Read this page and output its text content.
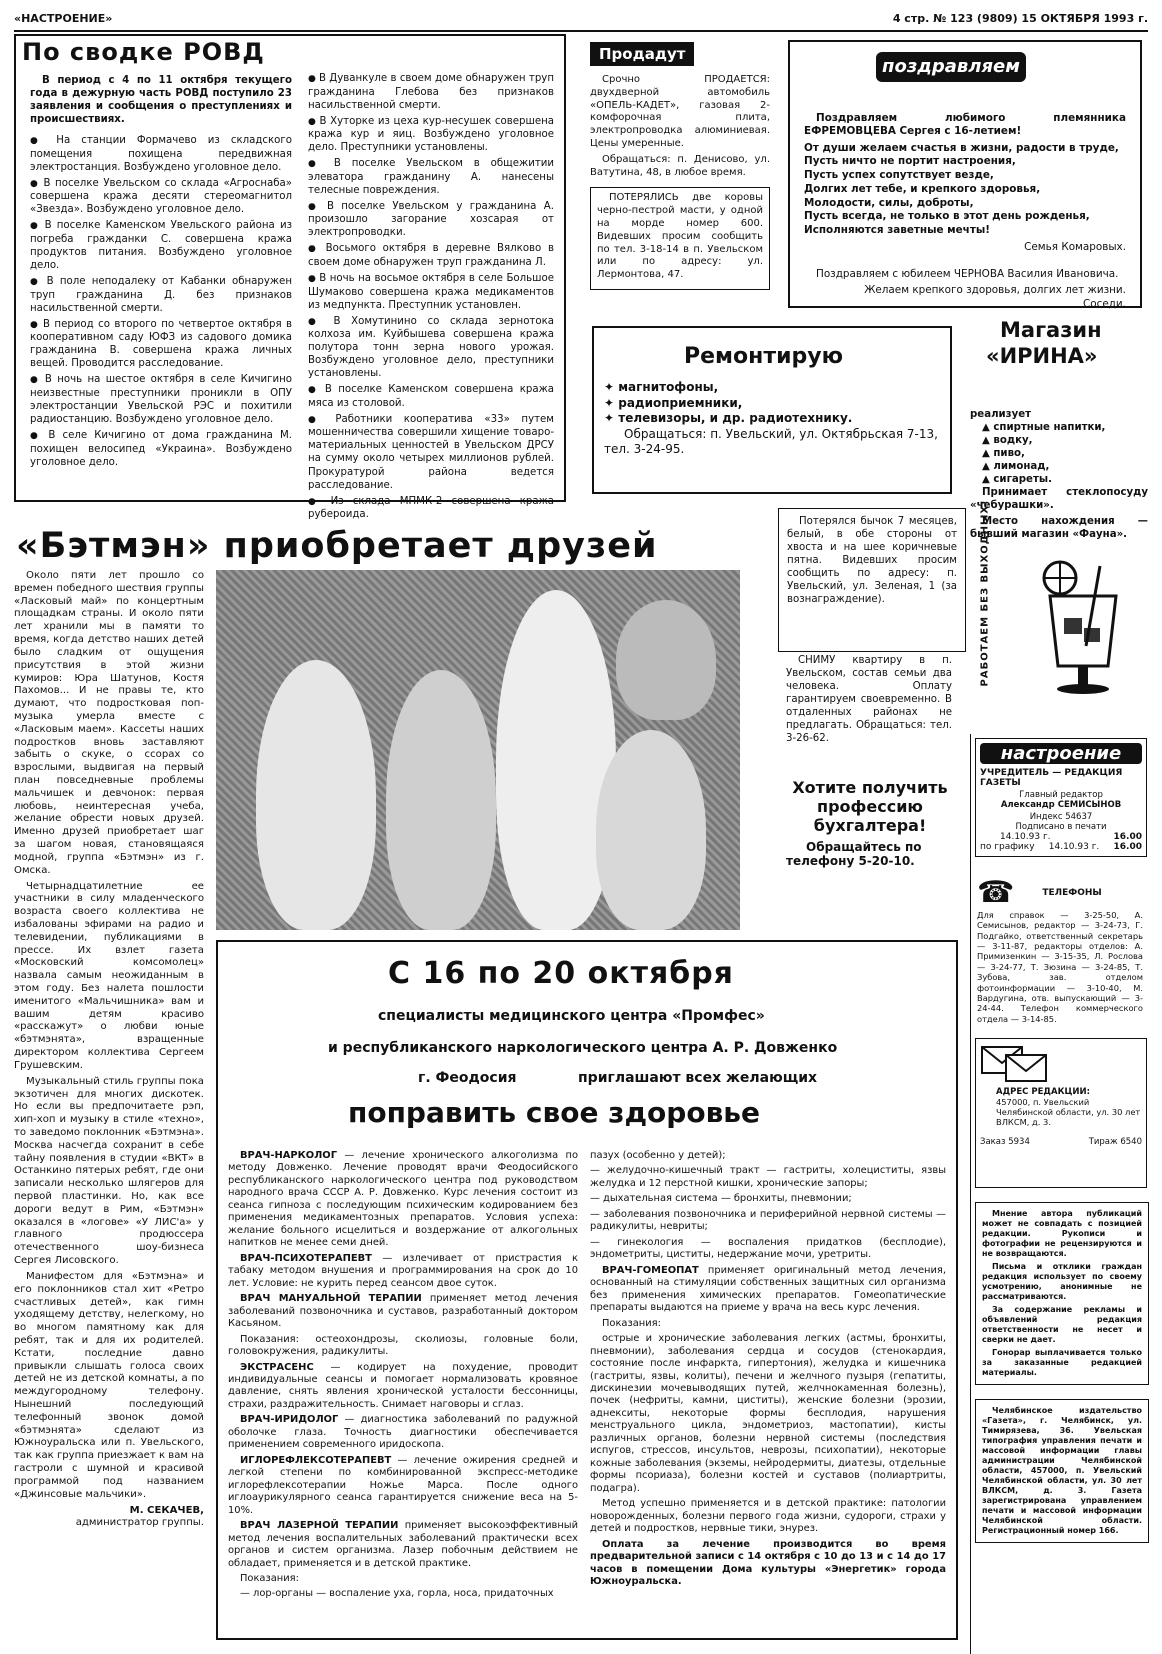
«НАСТРОЕНИЕ»	4 стр. № 123 (9809) 15 ОКТЯБРЯ 1993 г.
По сводке РОВД

В период с 4 по 11 октября текущего года в дежурную часть РОВД поступило 23 заявления и сообщения о преступлениях и происшествиях.

● На станции Формачево из складского помещения похищена передвижная электростанция. Возбуждено уголовное дело.

● В поселке Увельском со склада «Агроснаба» совершена кража десяти стереомагнитол «Звезда». Возбуждено уголовное дело.

● В поселке Каменском Увельского района из погреба гражданки С. совершена кража продуктов питания. Возбуждено уголовное дело.

● В поле неподалеку от Кабанки обнаружен труп гражданина Д. без признаков насильственной смерти.

● В период со второго по четвертое октября в кооперативном саду ЮФЗ из садового домика гражданина В. совершена кража личных вещей. Проводится расследование.

● В ночь на шестое октября в селе Кичигино неизвестные преступники проникли в ОПУ электростанции Увельской РЭС и похитили радиостанцию. Возбуждено уголовное дело.

● В селе Кичигино от дома гражданина М. похищен велосипед «Украина». Возбуждено уголовное дело.

● В Дуванкуле в своем доме обнаружен труп гражданина Глебова без признаков насильственной смерти.

● В Хуторке из цеха кур-несушек совершена кража кур и яиц. Возбуждено уголовное дело. Преступники установлены.

● В поселке Увельском в общежитии элеватора гражданину А. нанесены телесные повреждения.

● В поселке Увельском у гражданина А. произошло загорание хозсарая от электропроводки.

● Восьмого октября в деревне Вялково в своем доме обнаружен труп гражданина Л.

● В ночь на восьмое октября в селе Большое Шумаково совершена кража медикаментов из медпункта. Преступник установлен.

● В Хомутинино со склада зернотока колхоза им. Куйбышева совершена кража полутора тонн зерна нового урожая. Возбуждено уголовное дело, преступники установлены.

● В поселке Каменском совершена кража мяса из столовой.

● Работники кооператива «33» путем мошенничества совершили хищение товаро-материальных ценностей в Увельском ДРСУ на сумму около четырех миллионов рублей. Прокуратурой района ведется расследование.

● Из склада МПМК-2 совершена кража рубероида.

Продадут

Срочно ПРОДАЕТСЯ: двухдверной автомобиль «ОПЕЛЬ-КАДЕТ», газовая 2-комфорочная плита, электропроводка алюминиевая. Цены умеренные.

Обращаться: п. Денисово, ул. Ватутина, 48, в любое время.

ПОТЕРЯЛИСЬ две коровы черно-пестрой масти, у одной на морде номер 600. Видевших просим сообщить по тел. 3-18-14 в п. Увельском или по адресу: ул. Лермонтова, 47.

поздравляем

Поздравляем любимого племянника ЕФРЕМОВЦЕВА Сергея с 16-летием!

От души желаем счастья в жизни, радости в труде,
Пусть ничто не портит настроения,
Пусть успех сопутствует везде,
Долгих лет тебе, и крепкого здоровья,
Молодости, силы, доброты,
Пусть всегда, не только в этот день рожденья,
Исполняются заветные мечты!
Семья Комаровых.

Поздравляем с юбилеем ЧЕРНОВА Василия Ивановича.

Желаем крепкого здоровья, долгих лет жизни.
Соседи.
Ремонтирую
✦ магнитофоны,
✦ радиоприемники,
✦ телевизоры, и др. радиотехнику.
Обращаться: п. Увельский, ул. Октябрьская 7-13, тел. 3-24-95.
Магазин
«ИРИНА»
реализует
▲ спиртные напитки,
▲ водку,
▲ пиво,
▲ лимонад,
▲ сигареты.

Принимает стеклопосуду «чебурашки».

Место нахождения — бывший магазин «Фауна».

РАБОТАЕМ БЕЗ ВЫХОДНЫХ!
«Бэтмэн» приобретает друзей

Около пяти лет прошло со времен победного шествия группы «Ласковый май» по концертным площадкам страны. И около пяти лет хранили мы в памяти то время, когда детство наших детей было сладким от ощущения присутствия в этой жизни кумиров: Юра Шатунов, Костя Пахомов... И не правы те, кто думают, что подростковая поп-музыка умерла вместе с «Ласковым маем». Кассеты наших подростков вновь заставляют забыть о скуке, о ссорах со взрослыми, выдвигая на первый план повседневные проблемы мальчишек и девчонок: первая любовь, неинтересная учеба, желание обрести новых друзей. Именно друзей приобретает шаг за шагом новая, становящаяся модной, группа «Бэтмэн» из г. Омска.

Четырнадцатилетние ее участники в силу младенческого возраста своего коллектива не избалованы эфирами на радио и телевидении, публикациями в прессе. Их взлет газета «Московский комсомолец» назвала самым неожиданным в этом году. Без налета пошлости именитого «Мальчишника» вам и вашим детям красиво «расскажут» о любви юные «бэтмэнята», взращенные директором коллектива Сергеем Грушевским.

Музыкальный стиль группы пока экзотичен для многих дискотек. Но если вы предпочитаете рэп, хип-хоп и музыку в стиле «техно», то заведомо поклонник «Бэтмэна». Москва насчегда сохранит в себе тайну появления в студии «ВКТ» в Останкино пятерых ребят, где они записали несколько шлягеров для первой пластинки. Но, как все дороги ведут в Рим, «Бэтмэн» оказался в «логове» «У ЛИС'а» у главного продюссера отечественного шоу-бизнеса Сергея Лисовского.

Манифестом для «Бэтмэна» и его поклонников стал хит «Ретро счастливых детей», как гимн уходящему детству, нелегкому, но во многом памятному как для ребят, так и для их родителей. Кстати, последние давно привыкли слышать голоса своих детей не из детской комнаты, а по междугородному телефону. Нынешний последующий телефонный звонок домой «бэтмэнята» сделают из Южноуральска или п. Увельского, так как группа приезжает к вам на гастроли с шумной и красивой программой под названием «Джинсовые мальчики».

М. СЕКАЧЕВ,
администратор группы.

Потерялся бычок 7 месяцев, белый, в обе стороны от хвоста и на шее коричневые пятна. Видевших просим сообщить по адресу: п. Увельский, ул. Зеленая, 1 (за вознаграждение).

СНИМУ квартиру в п. Увельском, состав семьи два человека. Оплату гарантируем своевременно. В отдаленных районах не предлагать. Обращаться: тел. 3-26-62.

Хотите получить профессию бухгалтера!
Обращайтесь по телефону 5-20-10.
настроение
УЧРЕДИТЕЛЬ — РЕДАКЦИЯ ГАЗЕТЫ
Главный редактор
Александр СЕМИСЫНОВ
Индекс 54637
Подписано в печати
14.10.93 г.	16.00
по графику 14.10.93 г. 16.00
☎	ТЕЛЕФОНЫ
Для справок — 3-25-50, А. Семисынов, редактор — 3-24-73, Г. Подгайко, ответственный секретарь — 3-11-87, редакторы отделов: А. Примизенкин — 3-15-35, Л. Рослова — 3-24-77, Т. Зюзина — 3-24-85, Т. Зубова, зав. отделом фотоинформации — 3-10-40, М. Вардугина, отв. выпускающий — 3-24-44. Телефон коммерческого отдела — 3-14-85.
АДРЕС РЕДАКЦИИ:
457000, п. Увельский Челябинской области, ул. 30 лет ВЛКСМ, д. 3.
Заказ 5934	Тираж 6540

Мнение автора публикаций может не совпадать с позицией редакции. Рукописи и фотографии не рецензируются и не возвращаются.

Письма и отклики граждан редакция использует по своему усмотрению, анонимные не рассматриваются.

За содержание рекламы и объявлений редакция ответственности не несет и сверки не дает.

Гонорар выплачивается только за заказанные редакцией материалы.

Челябинское издательство «Газета», г. Челябинск, ул. Тимирязева, 36. Увельская типография управления печати и массовой информации главы администрации Челябинской области, 457000, п. Увельский Челябинской области, ул. 30 лет ВЛКСМ, д. 3. Газета зарегистрирована управлением печати и массовой информации Челябинской области. Регистрационный номер 166.

С 16 по 20 октября
специалисты медицинского центра «Промфес»
и республиканского наркологического центра А. Р. Довженко
г. Феодосия	приглашают всех желающих
поправить свое здоровье

ВРАЧ-НАРКОЛОГ — лечение хронического алкоголизма по методу Довженко. Лечение проводят врачи Феодосийского республиканского наркологического центра под руководством народного врача СССР А. Р. Довженко. Курс лечения состоит из сеанса гипноза с последующим психическим кодированием без применения медикаментозных препаратов. Условия успеха: желание больного исцелиться и воздержание от алкогольных напитков не менее семи дней.

ВРАЧ-ПСИХОТЕРАПЕВТ — излечивает от пристрастия к табаку методом внушения и программирования на срок до 10 лет. Условие: не курить перед сеансом двое суток.

ВРАЧ МАНУАЛЬНОЙ ТЕРАПИИ применяет метод лечения заболеваний позвоночника и суставов, разработанный доктором Касьяном.

Показания: остеохондрозы, сколиозы, головные боли, головокружения, радикулиты.

ЭКСТРАСЕНС — кодирует на похудение, проводит индивидуальные сеансы и помогает нормализовать кровяное давление, снять явления хронической усталости бессонницы, страхи, раздражительность. Снимает наговоры и сглаз.

ВРАЧ-ИРИДОЛОГ — диагностика заболеваний по радужной оболочке глаза. Точность диагностики обеспечивается применением современного иридоскопа.

ИГЛОРЕФЛЕКСОТЕРАПЕВТ — лечение ожирения средней и легкой степени по комбинированной экспресс-методике иглорефлексотерапии Ножье Марса. После одного иглоаурикулярного сеанса гарантируется снижение веса на 5-10%.

ВРАЧ ЛАЗЕРНОЙ ТЕРАПИИ применяет высокоэффективный метод лечения воспалительных заболеваний практически всех органов и систем организма. Лазер побочным действием не обладает, применяется и в детской практике.

Показания:

— лор-органы — воспаление уха, горла, носа, придаточных

пазух (особенно у детей);

— желудочно-кишечный тракт — гастриты, холециститы, язвы желудка и 12 перстной кишки, хронические запоры;

— дыхательная система — бронхиты, пневмонии;

— заболевания позвоночника и периферийной нервной системы — радикулиты, невриты;

— гинекология — воспаления придатков (бесплодие), эндометриты, циститы, недержание мочи, уретриты.

ВРАЧ-ГОМЕОПАТ применяет оригинальный метод лечения, основанный на стимуляции собственных защитных сил организма без применения химических препаратов. Гомеопатические препараты выдаются на приеме у врача на весь курс лечения.

Показания:

острые и хронические заболевания легких (астмы, бронхиты, пневмонии), заболевания сердца и сосудов (стенокардия, состояние после инфаркта, гипертония), желудка и кишечника (гастриты, язвы, колиты), печени и желчного пузыря (гепатиты, дискинезии мочевыводящих путей, желчнокаменная болезнь), почек (нефриты, камни, циститы), женские болезни (эрозии, аднекситы, некоторые формы бесплодия, нарушения менструального цикла, эндометриоз, мастопатии), кисты различных органов, болезни нервной системы (последствия испугов, стрессов, инсультов, неврозы, психопатии), некоторые кожные заболевания (экземы, нейродермиты, диатезы, отдельные формы псориаза), болезни костей и суставов (полиартриты, подагра).

Метод успешно применяется и в детской практике: патологии новорожденных, болезни первого года жизни, судороги, страхи у детей и подростков, нервные тики, энурез.

Оплата за лечение производится во время предварительной записи с 14 октября с 10 до 13 и с 14 до 17 часов в помещении Дома культуры «Энергетик» города Южноуральска.
